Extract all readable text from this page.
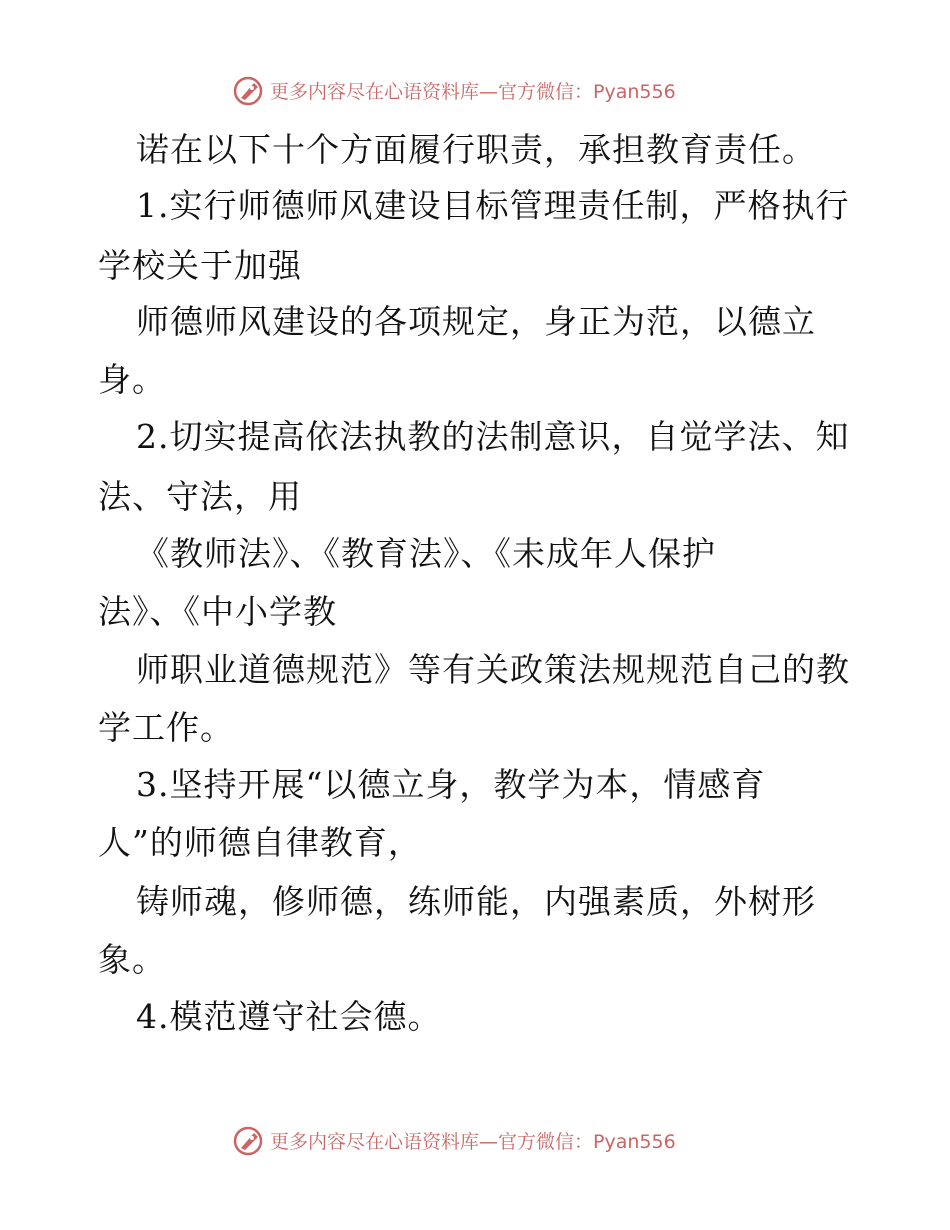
更多内容尽在心语资料库—官方微信：Pyan556
诺在以下十个方面履行职责，承担教育责任。
1.实行师德师风建设目标管理责任制，严格执行
学校关于加强
师德师风建设的各项规定，身正为范，以德立
身。
2.切实提高依法执教的法制意识，自觉学法、知
法、守法，用
《教师法》、《教育法》、《未成年人保护
法》、《中小学教
师职业道德规范》等有关政策法规规范自己的教
学工作。
3.坚持开展“以德立身，教学为本，情感育
人”的师德自律教育，
铸师魂，修师德，练师能，内强素质，外树形
象。
4.模范遵守社会德。
更多内容尽在心语资料库—官方微信：Pyan556
